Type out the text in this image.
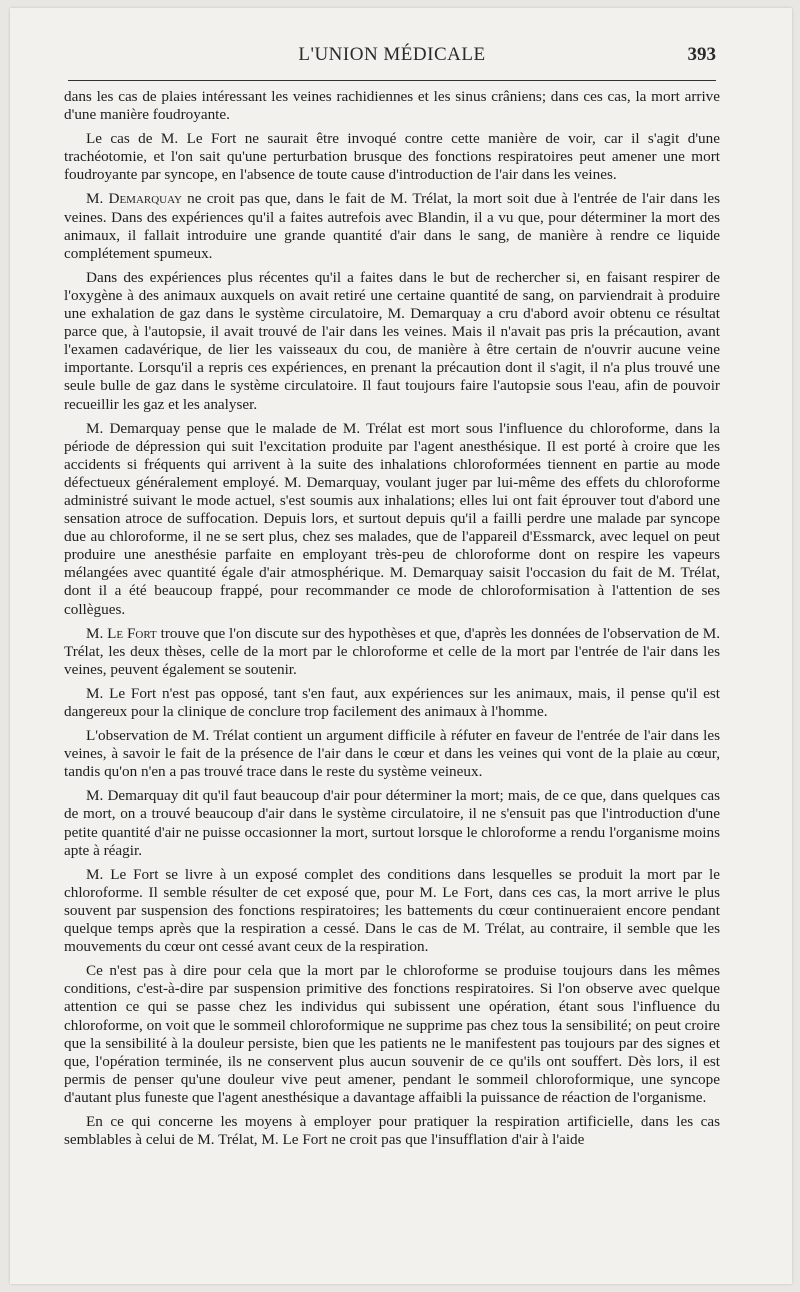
L'UNION MÉDICALE	393

dans les cas de plaies intéressant les veines rachidiennes et les sinus crâniens; dans ces cas, la mort arrive d'une manière foudroyante.

Le cas de M. Le Fort ne saurait être invoqué contre cette manière de voir, car il s'agit d'une trachéotomie, et l'on sait qu'une perturbation brusque des fonctions respiratoires peut amener une mort foudroyante par syncope, en l'absence de toute cause d'introduction de l'air dans les veines.

M. Demarquay ne croit pas que, dans le fait de M. Trélat, la mort soit due à l'entrée de l'air dans les veines. Dans des expériences qu'il a faites autrefois avec Blandin, il a vu que, pour déterminer la mort des animaux, il fallait introduire une grande quantité d'air dans le sang, de manière à rendre ce liquide complétement spumeux.

Dans des expériences plus récentes qu'il a faites dans le but de rechercher si, en faisant respirer de l'oxygène à des animaux auxquels on avait retiré une certaine quantité de sang, on parviendrait à produire une exhalation de gaz dans le système circulatoire, M. Demarquay a cru d'abord avoir obtenu ce résultat parce que, à l'autopsie, il avait trouvé de l'air dans les veines. Mais il n'avait pas pris la précaution, avant l'examen cadavérique, de lier les vaisseaux du cou, de manière à être certain de n'ouvrir aucune veine importante. Lorsqu'il a repris ces expériences, en prenant la précaution dont il s'agit, il n'a plus trouvé une seule bulle de gaz dans le système circulatoire. Il faut toujours faire l'autopsie sous l'eau, afin de pouvoir recueillir les gaz et les analyser.

M. Demarquay pense que le malade de M. Trélat est mort sous l'influence du chloroforme, dans la période de dépression qui suit l'excitation produite par l'agent anesthésique. Il est porté à croire que les accidents si fréquents qui arrivent à la suite des inhalations chloroformées tiennent en partie au mode défectueux généralement employé. M. Demarquay, voulant juger par lui-même des effets du chloroforme administré suivant le mode actuel, s'est soumis aux inhalations; elles lui ont fait éprouver tout d'abord une sensation atroce de suffocation. Depuis lors, et surtout depuis qu'il a failli perdre une malade par syncope due au chloroforme, il ne se sert plus, chez ses malades, que de l'appareil d'Essmarck, avec lequel on peut produire une anesthésie parfaite en employant très-peu de chloroforme dont on respire les vapeurs mélangées avec quantité égale d'air atmosphérique. M. Demarquay saisit l'occasion du fait de M. Trélat, dont il a été beaucoup frappé, pour recommander ce mode de chloroformisation à l'attention de ses collègues.

M. Le Fort trouve que l'on discute sur des hypothèses et que, d'après les données de l'observation de M. Trélat, les deux thèses, celle de la mort par le chloroforme et celle de la mort par l'entrée de l'air dans les veines, peuvent également se soutenir.

M. Le Fort n'est pas opposé, tant s'en faut, aux expériences sur les animaux, mais, il pense qu'il est dangereux pour la clinique de conclure trop facilement des animaux à l'homme.

L'observation de M. Trélat contient un argument difficile à réfuter en faveur de l'entrée de l'air dans les veines, à savoir le fait de la présence de l'air dans le cœur et dans les veines qui vont de la plaie au cœur, tandis qu'on n'en a pas trouvé trace dans le reste du système veineux.

M. Demarquay dit qu'il faut beaucoup d'air pour déterminer la mort; mais, de ce que, dans quelques cas de mort, on a trouvé beaucoup d'air dans le système circulatoire, il ne s'ensuit pas que l'introduction d'une petite quantité d'air ne puisse occasionner la mort, surtout lorsque le chloroforme a rendu l'organisme moins apte à réagir.

M. Le Fort se livre à un exposé complet des conditions dans lesquelles se produit la mort par le chloroforme. Il semble résulter de cet exposé que, pour M. Le Fort, dans ces cas, la mort arrive le plus souvent par suspension des fonctions respiratoires; les battements du cœur continueraient encore pendant quelque temps après que la respiration a cessé. Dans le cas de M. Trélat, au contraire, il semble que les mouvements du cœur ont cessé avant ceux de la respiration.

Ce n'est pas à dire pour cela que la mort par le chloroforme se produise toujours dans les mêmes conditions, c'est-à-dire par suspension primitive des fonctions respiratoires. Si l'on observe avec quelque attention ce qui se passe chez les individus qui subissent une opération, étant sous l'influence du chloroforme, on voit que le sommeil chloroformique ne supprime pas chez tous la sensibilité; on peut croire que la sensibilité à la douleur persiste, bien que les patients ne le manifestent pas toujours par des signes et que, l'opération terminée, ils ne conservent plus aucun souvenir de ce qu'ils ont souffert. Dès lors, il est permis de penser qu'une douleur vive peut amener, pendant le sommeil chloroformique, une syncope d'autant plus funeste que l'agent anesthésique a davantage affaibli la puissance de réaction de l'organisme.

En ce qui concerne les moyens à employer pour pratiquer la respiration artificielle, dans les cas semblables à celui de M. Trélat, M. Le Fort ne croit pas que l'insufflation d'air à l'aide
